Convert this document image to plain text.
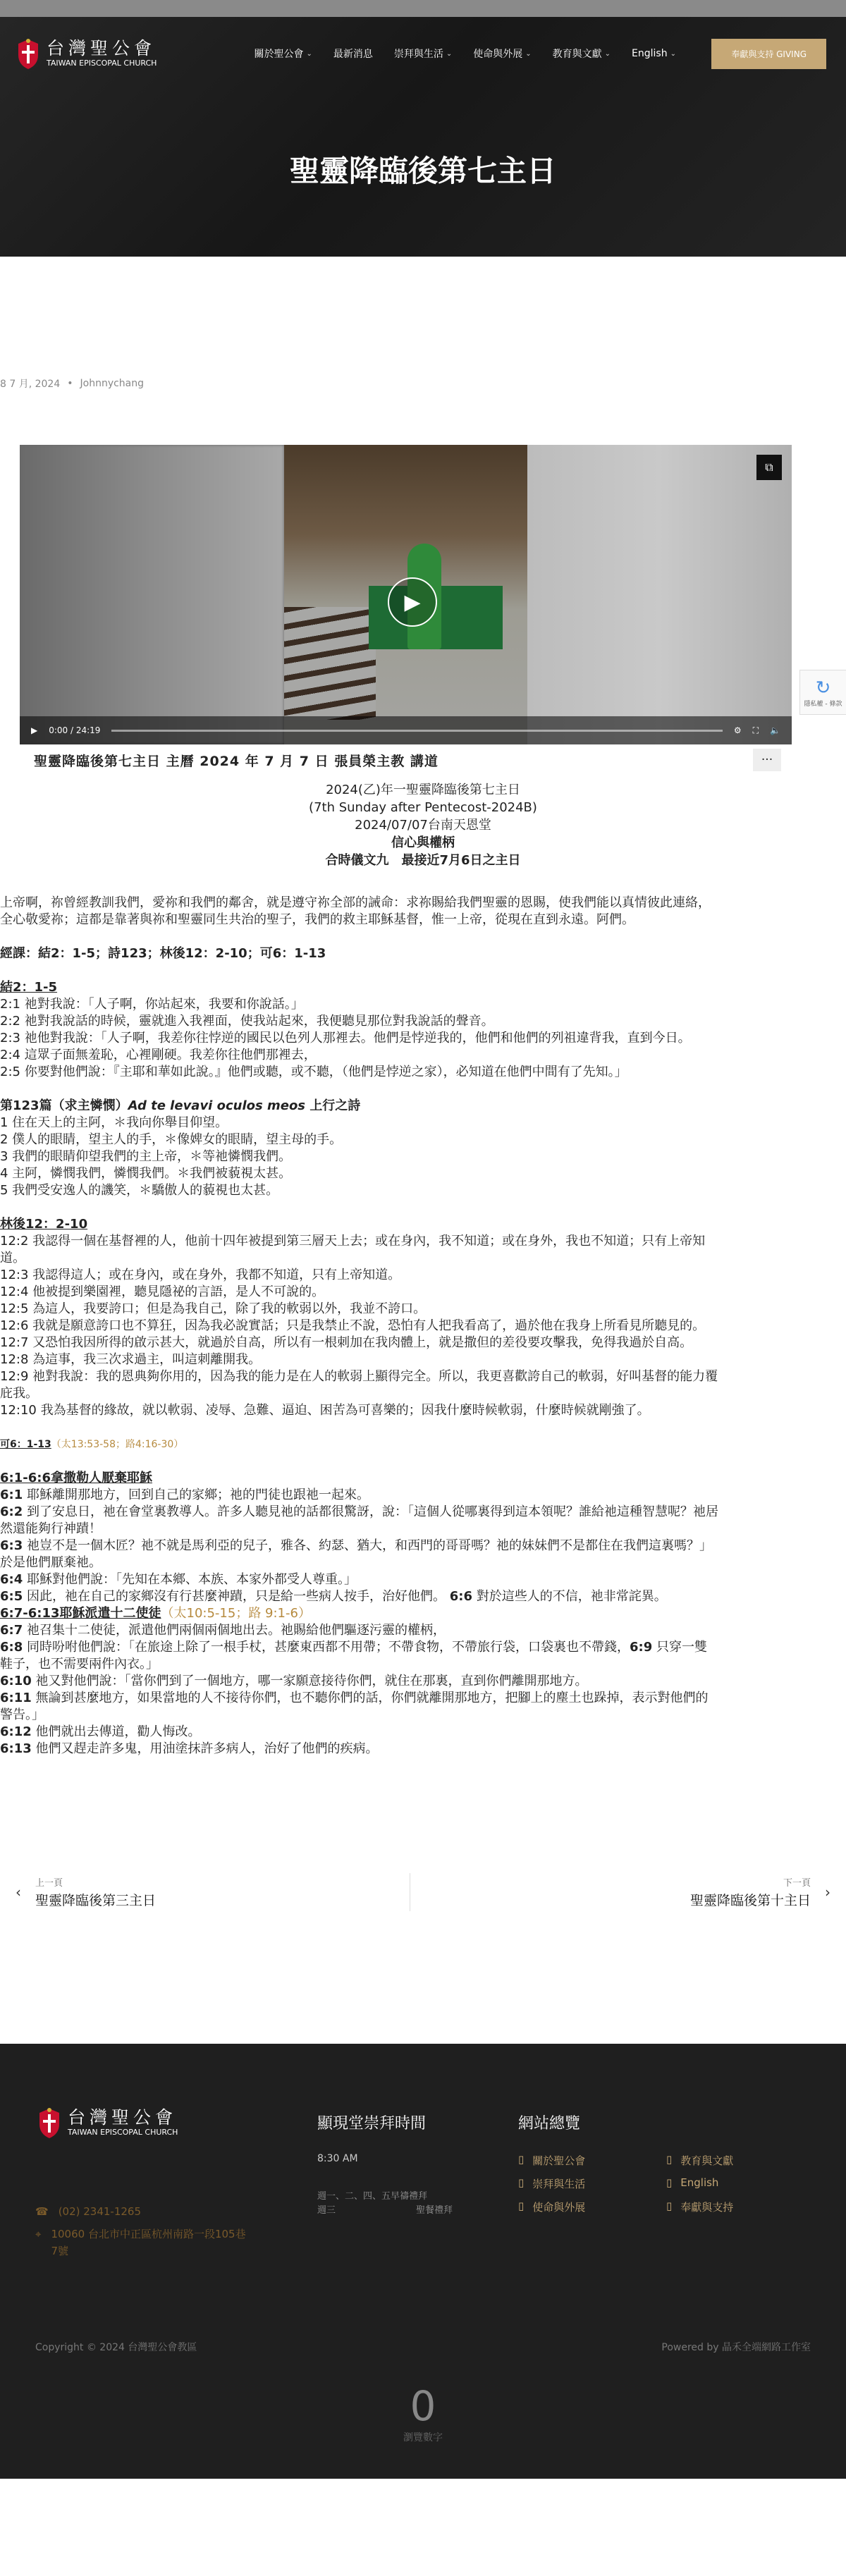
台灣聖公會
TAIWAN EPISCOPAL CHURCH
關於聖公會 ⌄ 最新消息 崇拜與生活 ⌄ 使命與外展 ⌄ 教育與文獻 ⌄ English ⌄	奉獻與支持 GIVING
聖靈降臨後第七主日
8 7 月, 2024 • Johnnychang
▶
⧉
▶ 0:00 / 24:19	⚙ ⛶ 🔈
聖靈降臨後第七主日 主曆 2024 年 7 月 7 日 張員榮主教 講道	···
2024(乙)年一聖靈降臨後第七主日
(7th Sunday after Pentecost-2024B)
2024/07/07台南天恩堂
信心與權柄
合時儀文九　最接近7月6日之主日

上帝啊，祢曾經教訓我們，愛祢和我們的鄰舍，就是遵守祢全部的誡命：求祢賜給我們聖靈的恩賜，使我們能以真情彼此連絡，全心敬愛祢；這都是靠著與祢和聖靈同生共治的聖子，我們的救主耶穌基督，惟一上帝，從現在直到永遠。阿們。

經課：結2：1-5；詩123；林後12：2-10；可6：1-13

結2：1-5

2:1 祂對我說：「人子啊，你站起來，我要和你說話。」

2:2 祂對我說話的時候，靈就進入我裡面，使我站起來，我便聽見那位對我說話的聲音。

2:3 祂他對我說：「人子啊，我差你往悖逆的國民以色列人那裡去。他們是悖逆我的，他們和他們的列祖違背我，直到今日。

2:4 這眾子面無羞恥，心裡剛硬。我差你往他們那裡去，

2:5 你要對他們說：『主耶和華如此說。』他們或聽，或不聽，（他們是悖逆之家），必知道在他們中間有了先知。」

第123篇（求主憐憫）Ad te levavi oculos meos 上行之詩

1 住在天上的主阿，＊我向你舉目仰望。

2 僕人的眼睛，望主人的手，＊像婢女的眼睛，望主母的手。

3 我們的眼睛仰望我們的主上帝，＊等祂憐憫我們。

4 主阿，憐憫我們，憐憫我們。＊我們被藐視太甚。

5 我們受安逸人的譏笑，＊驕傲人的藐視也太甚。

林後12：2-10

12:2 我認得一個在基督裡的人，他前十四年被提到第三層天上去；或在身內，我不知道；或在身外，我也不知道；只有上帝知道。

12:3 我認得這人；或在身內，或在身外，我都不知道，只有上帝知道。

12:4 他被提到樂園裡，聽見隱祕的言語，是人不可說的。

12:5 為這人，我要誇口；但是為我自己，除了我的軟弱以外，我並不誇口。

12:6 我就是願意誇口也不算狂，因為我必說實話；只是我禁止不說，恐怕有人把我看高了，過於他在我身上所看見所聽見的。

12:7 又恐怕我因所得的啟示甚大，就過於自高，所以有一根刺加在我肉體上，就是撒但的差役要攻擊我，免得我過於自高。

12:8 為這事，我三次求過主，叫這刺離開我。

12:9 祂對我說：我的恩典夠你用的，因為我的能力是在人的軟弱上顯得完全。所以，我更喜歡誇自己的軟弱，好叫基督的能力覆庇我。

12:10 我為基督的緣故，就以軟弱、凌辱、急難、逼迫、困苦為可喜樂的；因我什麼時候軟弱，什麼時候就剛強了。

可6：1-13（太13:53-58；路4:16-30）

6:1-6:6拿撒勒人厭棄耶穌

6:1 耶穌離開那地方，回到自己的家鄉；祂的門徒也跟祂一起來。

6:2 到了安息日，祂在會堂裏教導人。許多人聽見祂的話都很驚訝，說：「這個人從哪裏得到這本領呢？誰給祂這種智慧呢？祂居然還能夠行神蹟！

6:3 祂豈不是一個木匠？祂不就是馬利亞的兒子，雅各、約瑟、猶大，和西門的哥哥嗎？祂的妹妹們不是都住在我們這裏嗎？」於是他們厭棄祂。

6:4 耶穌對他們說：「先知在本鄉、本族、本家外都受人尊重。」

6:5 因此，祂在自己的家鄉沒有行甚麼神蹟，只是給一些病人按手，治好他們。 6:6 對於這些人的不信，祂非常詫異。

6:7-6:13耶穌派遣十二使徒（太10:5-15；路 9:1-6）

6:7 祂召集十二使徒，派遣他們兩個兩個地出去。祂賜給他們驅逐污靈的權柄，

6:8 同時吩咐他們說：「在旅途上除了一根手杖，甚麼東西都不用帶；不帶食物，不帶旅行袋，口袋裏也不帶錢，6:9 只穿一雙鞋子，也不需要兩件內衣。」

6:10 祂又對他們說：「當你們到了一個地方，哪一家願意接待你們，就住在那裏，直到你們離開那地方。

6:11 無論到甚麼地方，如果當地的人不接待你們，也不聽你們的話，你們就離開那地方，把腳上的塵土也跺掉，表示對他們的警告。」

6:12 他們就出去傳道，勸人悔改。

6:13 他們又趕走許多鬼，用油塗抹許多病人，治好了他們的疾病。

‹
上一頁
聖靈降臨後第三主日
下一頁
聖靈降臨後第十主日 ›
台灣聖公會
TAIWAN EPISCOPAL CHURCH
☎ (02) 2341-1265
⌖ 10060 台北市中正區杭州南路一段105巷7號
顯現堂崇拜時間
8:30 AM
週一、二、四、五早禱禮拜
週三	聖餐禮拜
網站總覽
▯ 關於聖公會	▯ 教育與文獻
▯ 崇拜與生活	▯ English
▯ 使命與外展	▯ 奉獻與支持
Copyright © 2024 台灣聖公會教區	Powered by 晶禾全端網路工作室
0
瀏覽數字
↻
隱私權 - 條款
